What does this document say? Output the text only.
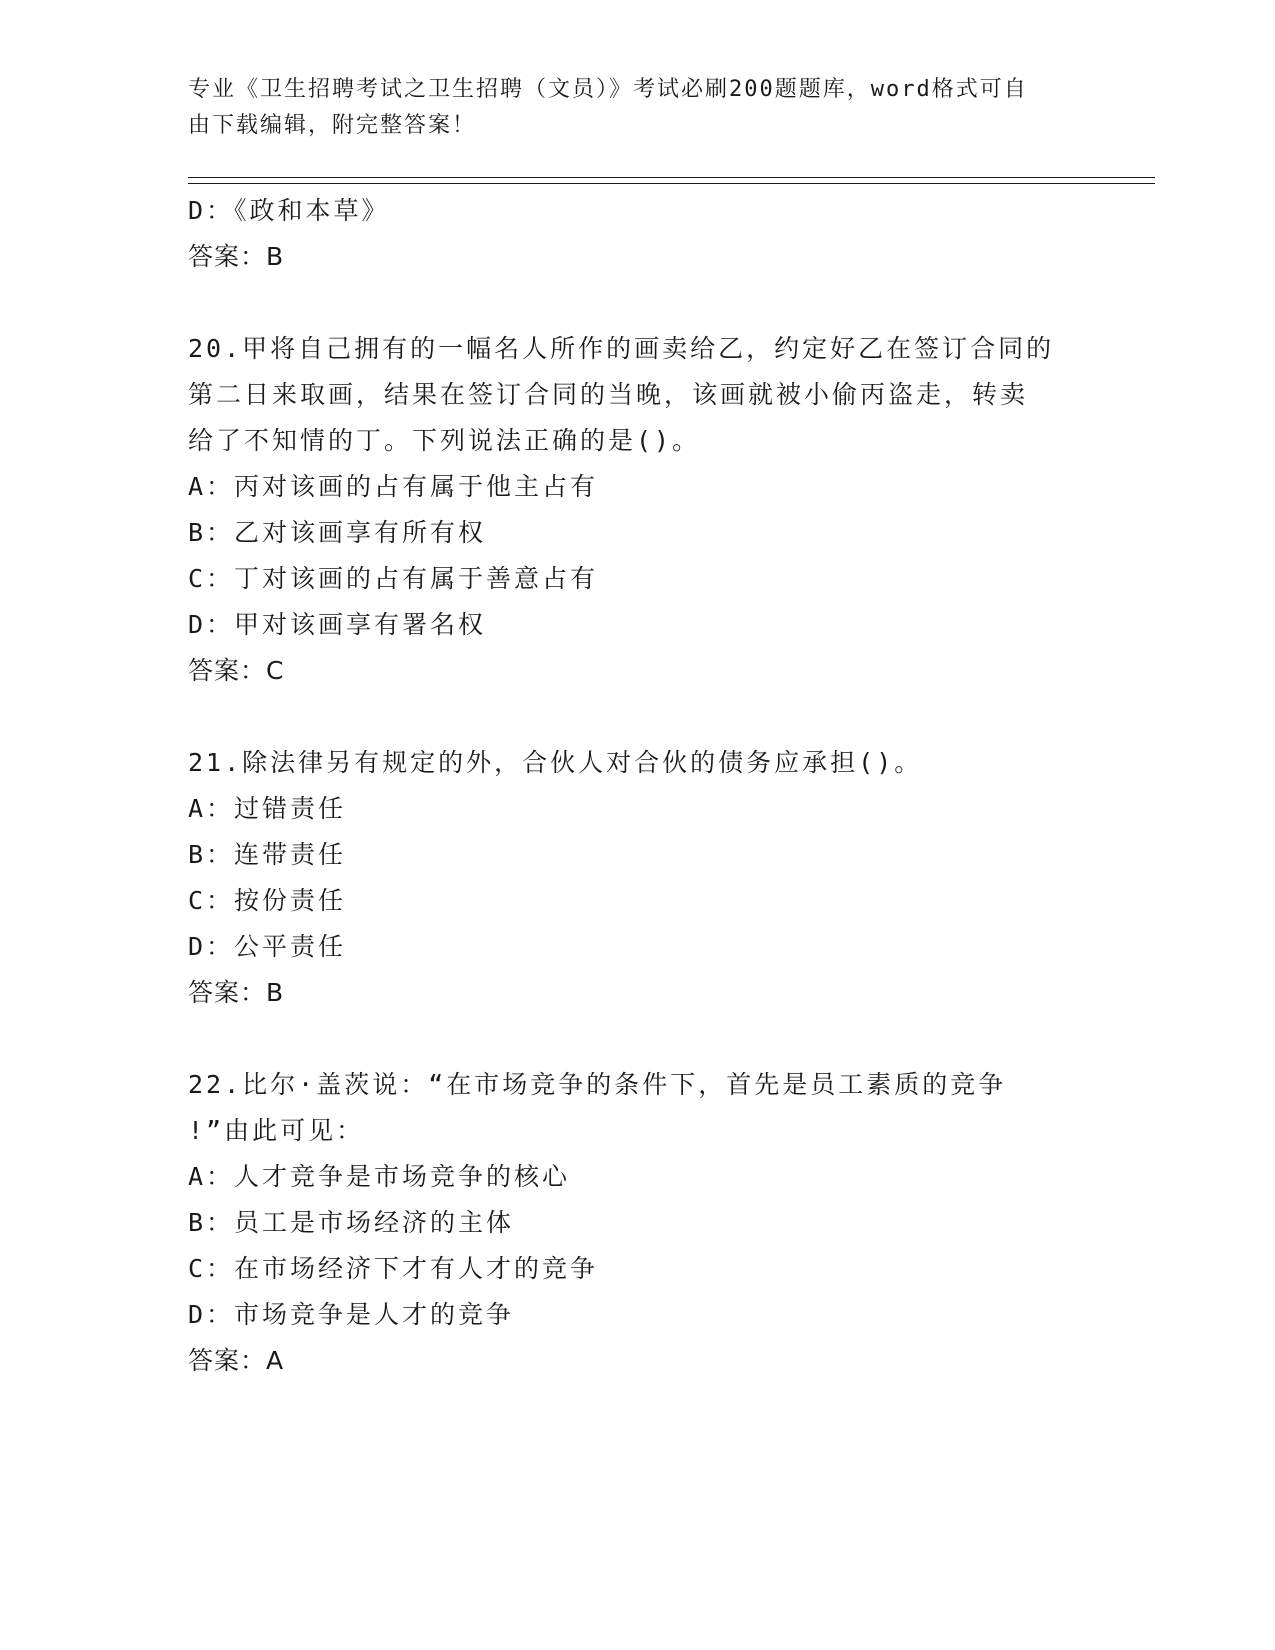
专业《卫生招聘考试之卫生招聘（文员）》考试必刷200题题库，word格式可自
由下载编辑，附完整答案！
D：《政和本草》
答案：B
20.甲将自己拥有的一幅名人所作的画卖给乙，约定好乙在签订合同的
第二日来取画，结果在签订合同的当晚，该画就被小偷丙盗走，转卖
给了不知情的丁。下列说法正确的是()。
A：丙对该画的占有属于他主占有
B：乙对该画享有所有权
C：丁对该画的占有属于善意占有
D：甲对该画享有署名权
答案：C
21.除法律另有规定的外，合伙人对合伙的债务应承担()。
A：过错责任
B：连带责任
C：按份责任
D：公平责任
答案：B
22.比尔·盖茨说：“在市场竞争的条件下，首先是员工素质的竞争
!”由此可见：
A：人才竞争是市场竞争的核心
B：员工是市场经济的主体
C：在市场经济下才有人才的竞争
D：市场竞争是人才的竞争
答案：A
